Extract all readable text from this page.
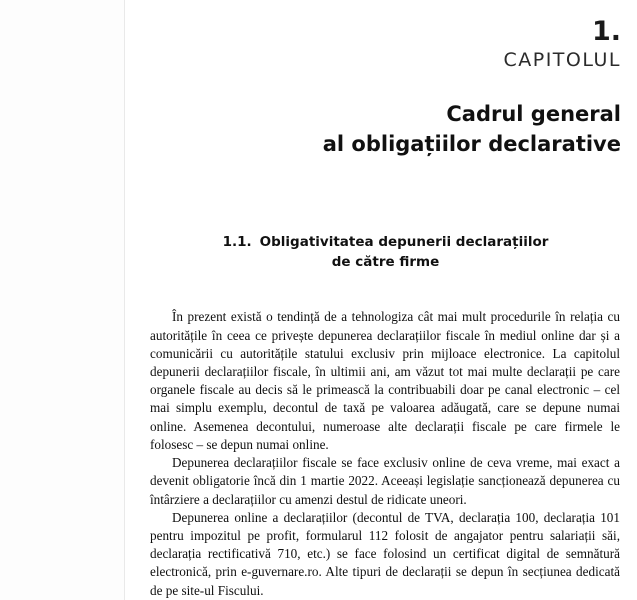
1.
CAPITOLUL
Cadrul general
al obligațiilor declarative
1.1. Obligativitatea depunerii declarațiilor
de către firme

În prezent există o tendință de a tehnologiza cât mai mult procedurile în relația cu autoritățile în ceea ce privește depunerea declarațiilor fiscale în mediul online dar și a comunicării cu autoritățile statului exclusiv prin mijloace electronice. La capitolul depunerii declarațiilor fiscale, în ultimii ani, am văzut tot mai multe declarații pe care organele fiscale au decis să le primească la contribuabili doar pe canal electronic – cel mai simplu exemplu, decontul de taxă pe valoarea adăugată, care se depune numai online. Asemenea decontului, numeroase alte declarații fiscale pe care firmele le folosesc – se depun numai online.

Depunerea declarațiilor fiscale se face exclusiv online de ceva vreme, mai exact a devenit obligatorie încă din 1 martie 2022. Aceeași legislație sancționează depunerea cu întârziere a declarațiilor cu amenzi destul de ridicate uneori.

Depunerea online a declarațiilor (decontul de TVA, declarația 100, declarația 101 pentru impozitul pe profit, formularul 112 folosit de angajator pentru salariații săi, declarația rectificativă 710, etc.) se face folosind un certificat digital de semnătură electronică, prin e-guvernare.ro. Alte tipuri de declarații se depun în secțiunea dedicată de pe site-ul Fiscului.
